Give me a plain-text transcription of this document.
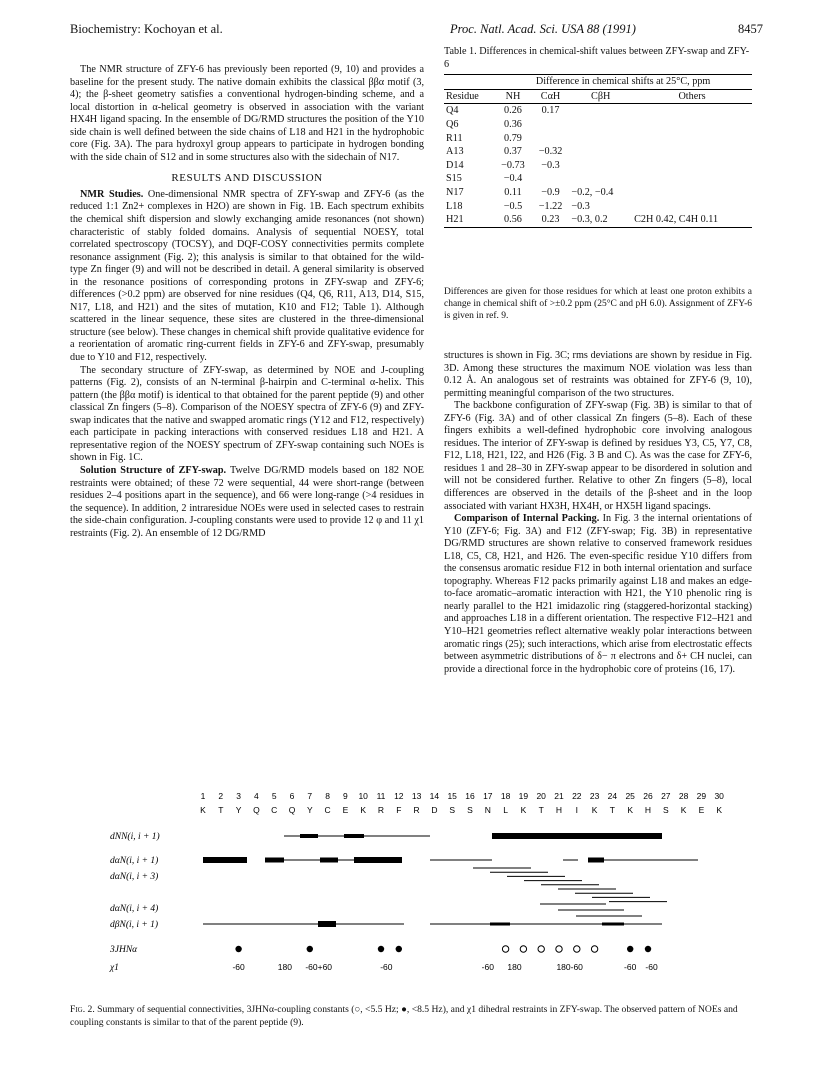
Biochemistry: Kochoyan et al.	Proc. Natl. Acad. Sci. USA 88 (1991)	8457

The NMR structure of ZFY-6 has previously been reported (9, 10) and provides a baseline for the present study. The native domain exhibits the classical ββα motif (3, 4); the β-sheet geometry satisfies a conventional hydrogen-binding scheme, and a local distortion in α-helical geometry is observed in association with the variant HX4H ligand spacing. In the ensemble of DG/RMD structures the position of the Y10 side chain is well defined between the side chains of L18 and H21 in the hydrophobic core (Fig. 3A). The para hydroxyl group appears to participate in hydrogen bonding with the side chain of S12 and in some structures also with the sidechain of N17.

RESULTS AND DISCUSSION

NMR Studies. One-dimensional NMR spectra of ZFY-swap and ZFY-6 (as the reduced 1:1 Zn2+ complexes in H2O) are shown in Fig. 1B. Each spectrum exhibits the chemical shift dispersion and slowly exchanging amide resonances (not shown) characteristic of stably folded domains. Analysis of sequential NOESY, total correlated spectroscopy (TOCSY), and DQF-COSY connectivities permits complete resonance assignment (Fig. 2); this analysis is similar to that obtained for the wild-type Zn finger (9) and will not be described in detail. A general similarity is observed in the resonance positions of corresponding protons in ZFY-swap and ZFY-6; differences (>0.2 ppm) are observed for nine residues (Q4, Q6, R11, A13, D14, S15, N17, L18, and H21) and the sites of mutation, K10 and F12; Table 1). Although scattered in the linear sequence, these sites are clustered in the three-dimensional structure (see below). These changes in chemical shift provide qualitative evidence for a reorientation of aromatic ring-current fields in ZFY-6 and ZFY-swap, presumably due to Y10 and F12, respectively.

The secondary structure of ZFY-swap, as determined by NOE and J-coupling patterns (Fig. 2), consists of an N-terminal β-hairpin and C-terminal α-helix. This pattern (the ββα motif) is identical to that obtained for the parent peptide (9) and other classical Zn fingers (5–8). Comparison of the NOESY spectra of ZFY-6 (9) and ZFY-swap indicates that the native and swapped aromatic rings (Y12 and F12, respectively) each participate in packing interactions with conserved residues L18 and H21. A representative region of the NOESY spectrum of ZFY-swap containing such NOEs is shown in Fig. 1C.

Solution Structure of ZFY-swap. Twelve DG/RMD models based on 182 NOE restraints were obtained; of these 72 were sequential, 44 were short-range (between residues 2–4 positions apart in the sequence), and 66 were long-range (>4 residues in the sequence). In addition, 2 intraresidue NOEs were used in selected cases to restrain the side-chain configuration. J-coupling constants were used to provide 12 φ and 11 χ1 restraints (Fig. 2). An ensemble of 12 DG/RMD

Table 1. Differences in chemical-shift values between ZFY-swap and ZFY-6
	Difference in chemical shifts at 25°C, ppm			
Residue	NH	CαH	CβH	Others
Q4	0.26	0.17		
Q6	0.36			
R11	0.79			
A13	0.37	−0.32		
D14	−0.73	−0.3		
S15	−0.4			
N17	0.11	−0.9	−0.2, −0.4	
L18	−0.5	−1.22	−0.3	
H21	0.56	0.23	−0.3, 0.2	C2H 0.42, C4H 0.11
Differences are given for those residues for which at least one proton exhibits a change in chemical shift of >±0.2 ppm (25°C and pH 6.0). Assignment of ZFY-6 is given in ref. 9.

structures is shown in Fig. 3C; rms deviations are shown by residue in Fig. 3D. Among these structures the maximum NOE violation was less than 0.12 Å. An analogous set of restraints was obtained for ZFY-6 (9, 10), permitting meaningful comparison of the two structures.

The backbone configuration of ZFY-swap (Fig. 3B) is similar to that of ZFY-6 (Fig. 3A) and of other classical Zn fingers (5–8). Each of these fingers exhibits a well-defined hydrophobic core involving analogous residues. The interior of ZFY-swap is defined by residues Y3, C5, Y7, C8, F12, L18, H21, I22, and H26 (Fig. 3 B and C). As was the case for ZFY-6, residues 1 and 28–30 in ZFY-swap appear to be disordered in solution and will not be considered further. Relative to other Zn fingers (5–8), local differences are observed in the details of the β-sheet and in the loop associated with variant HX3H, HX4H, or HX5H ligand spacings.

Comparison of Internal Packing. In Fig. 3 the internal orientations of Y10 (ZFY-6; Fig. 3A) and F12 (ZFY-swap; Fig. 3B) in representative DG/RMD structures are shown relative to conserved framework residues L18, C5, C8, H21, and H26. The even-specific residue Y10 differs from the consensus aromatic residue F12 in both internal orientation and surface topography. Whereas F12 packs primarily against L18 and makes an edge-to-face aromatic–aromatic interaction with H21, the Y10 phenolic ring is nearly parallel to the H21 imidazolic ring (staggered-horizontal stacking) and approaches L18 in a different orientation. The respective F12–H21 and Y10–H21 geometries reflect alternative weakly polar interactions between aromatic rings (25); such interactions, which arise from electrostatic effects between asymmetric distributions of δ− π electrons and δ+ CH nuclei, can provide a directional force in the hydrophobic core of proteins (16, 17).

1 2 3 4 5 6 7 8 9 10 11 12 13 14 15 16 17 18 19 20 21 22 23 24 25 26 27 28 29 30
K T Y Q C Q Y C E K R F R D S S N L K T H I K T K H S K E K
dNN(i, i + 1)
dαN(i, i + 1)
dαN(i, i + 3)
dαN(i, i + 4)
dβN(i, i + 1)
3JHNα
χ1	-60	180 -60+60	-60	-60 180	180-60	-60 -60
Fig. 2. Summary of sequential connectivities, 3JHNα-coupling constants (○, <5.5 Hz; ●, <8.5 Hz), and χ1 dihedral restraints in ZFY-swap. The observed pattern of NOEs and coupling constants is similar to that of the parent peptide (9).
